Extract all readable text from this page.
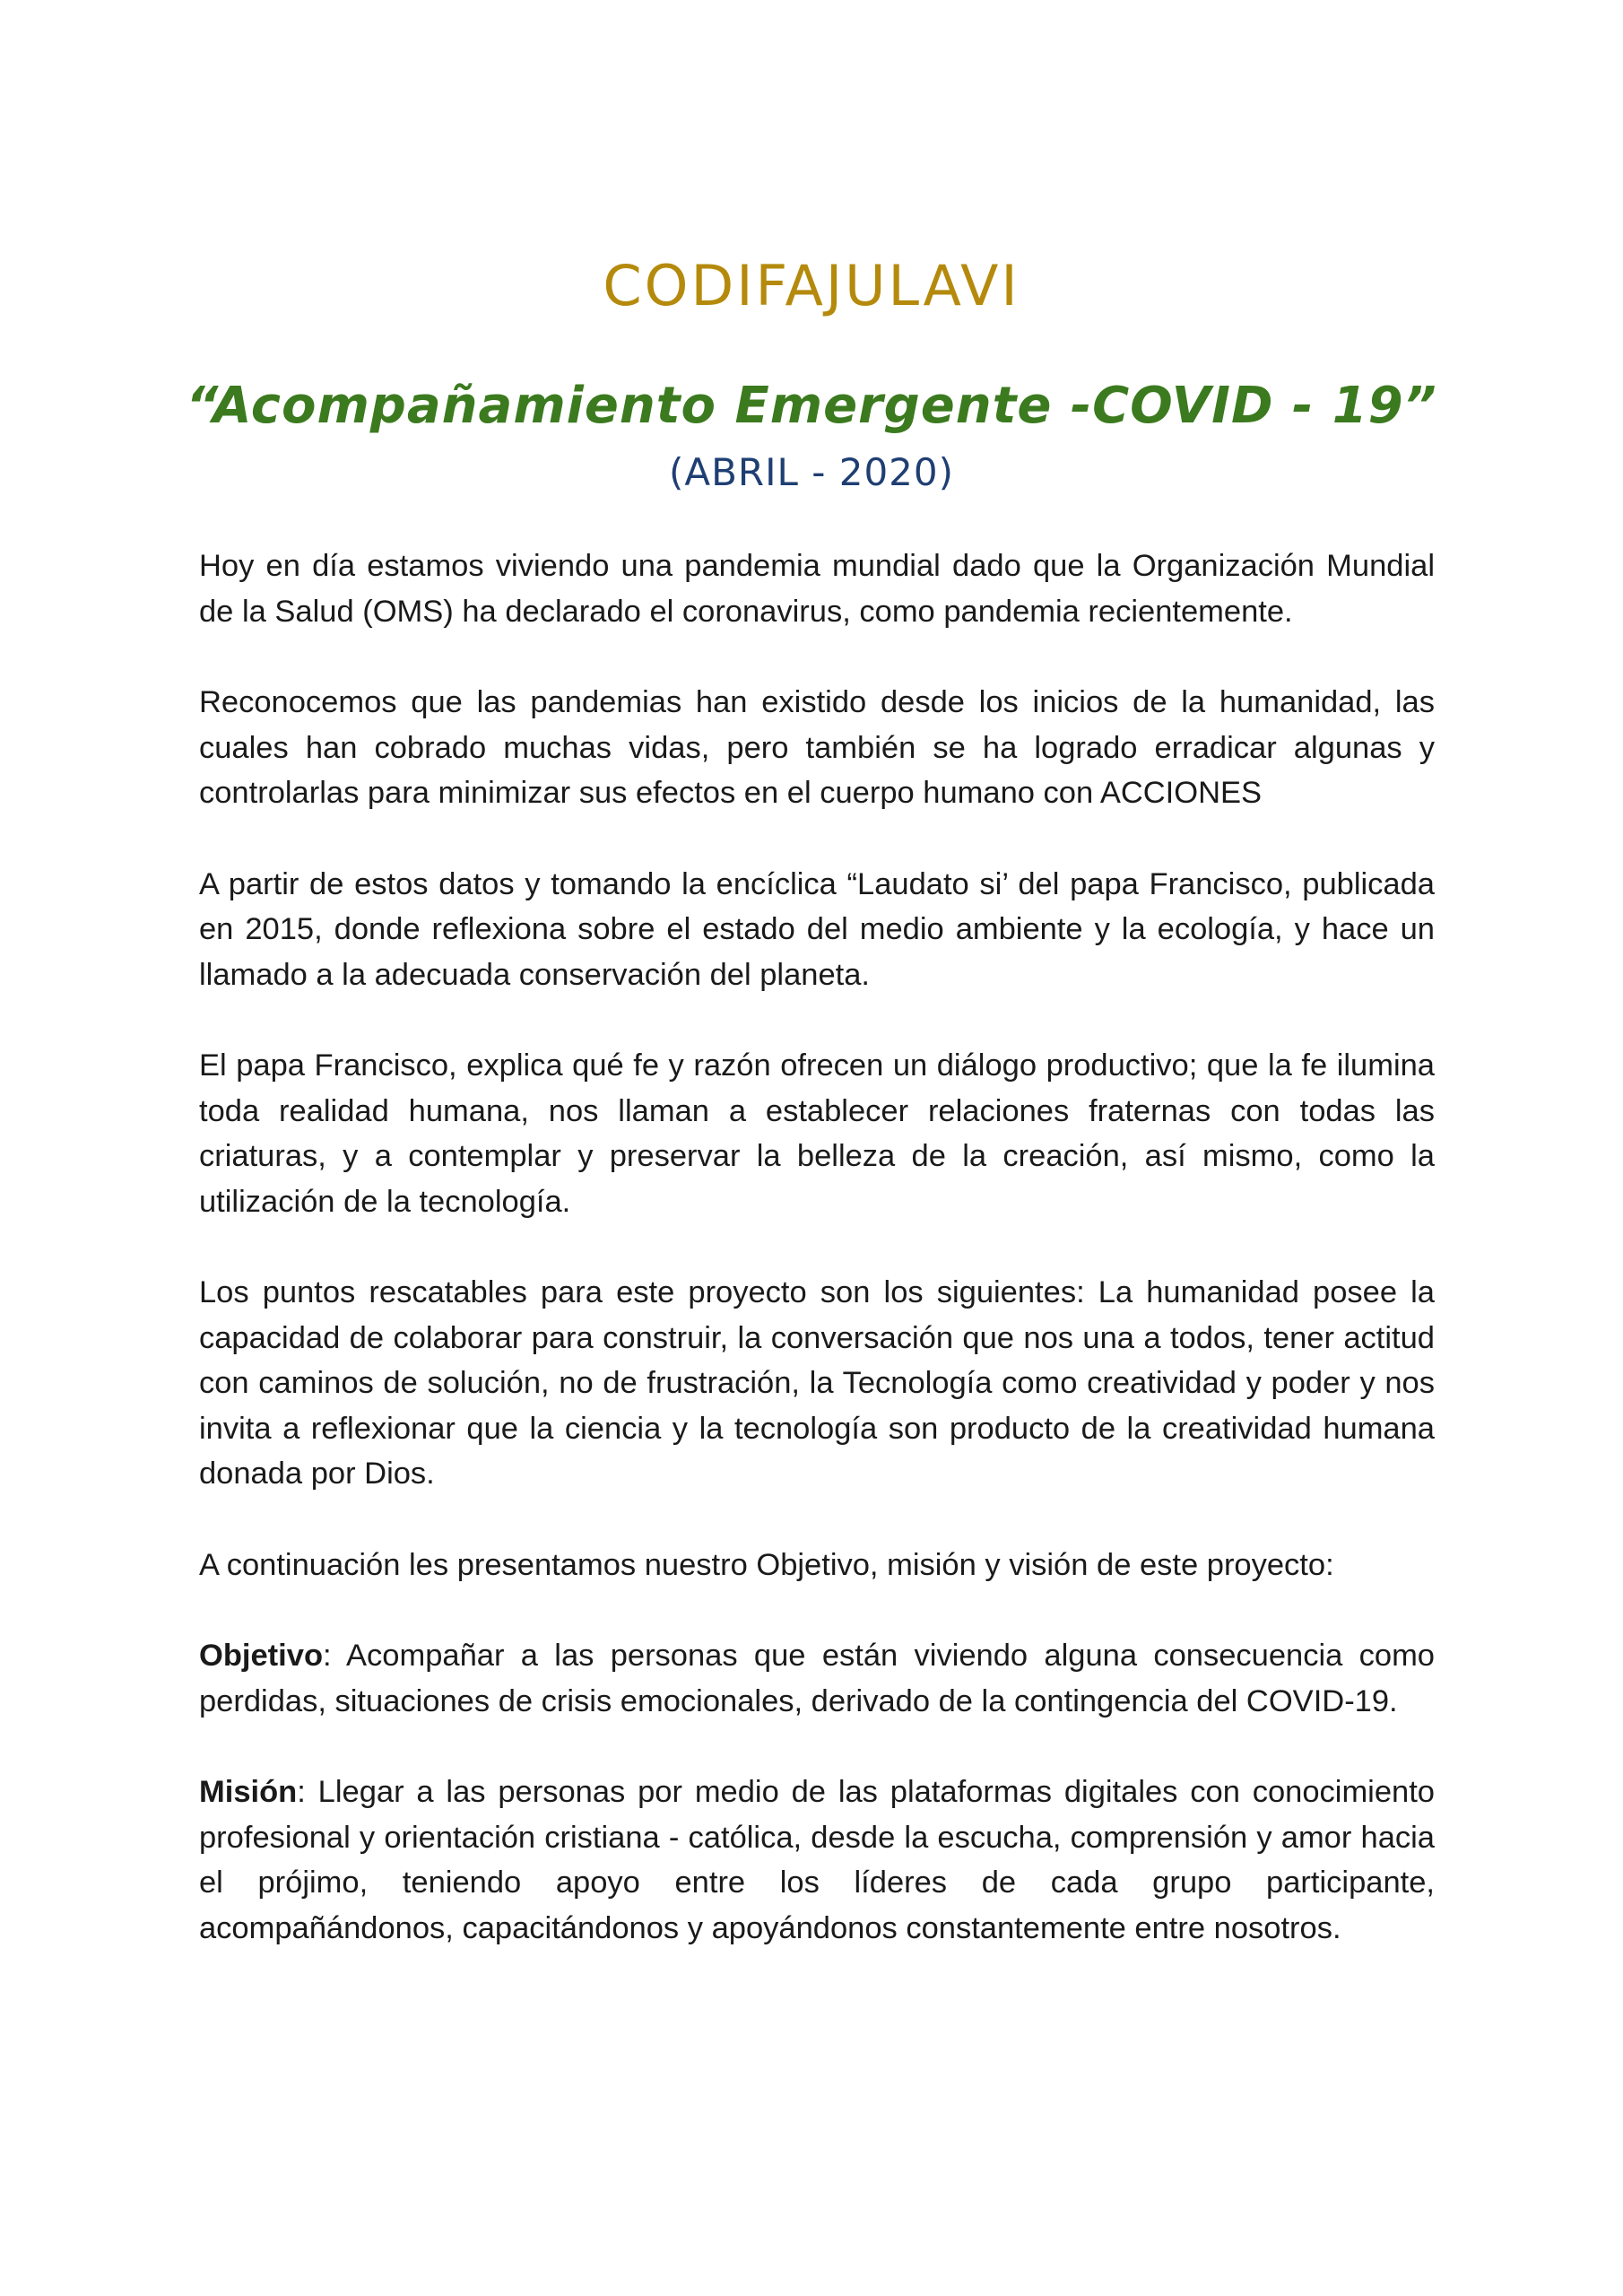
CODIFAJULAVI
“Acompañamiento Emergente -COVID - 19”
(ABRIL - 2020)

Hoy en día estamos viviendo una pandemia mundial dado que la Organización Mundial de la Salud (OMS) ha declarado el coronavirus, como pandemia recientemente.

Reconocemos que las pandemias han existido desde los inicios de la humanidad, las cuales han cobrado muchas vidas, pero también se ha logrado erradicar algunas y controlarlas para minimizar sus efectos en el cuerpo humano con ACCIONES

A partir de estos datos y tomando la encíclica “Laudato si’ del papa Francisco, publicada en 2015, donde reflexiona sobre el estado del medio ambiente y la ecología, y hace un llamado a la adecuada conservación del planeta.

El papa Francisco, explica qué fe y razón ofrecen un diálogo productivo; que la fe ilumina toda realidad humana, nos llaman a establecer relaciones fraternas con todas las criaturas, y a contemplar y preservar la belleza de la creación, así mismo, como la utilización de la tecnología.

Los puntos rescatables para este proyecto son los siguientes: La humanidad posee la capacidad de colaborar para construir, la conversación que nos una a todos, tener actitud con caminos de solución, no de frustración, la Tecnología como creatividad y poder y nos invita a reflexionar que la ciencia y la tecnología son producto de la creatividad humana donada por Dios.

A continuación les presentamos nuestro Objetivo, misión y visión de este proyecto:

Objetivo: Acompañar a las personas que están viviendo alguna consecuencia como perdidas, situaciones de crisis emocionales, derivado de la contingencia del COVID-19.

Misión: Llegar a las personas por medio de las plataformas digitales con conocimiento profesional y orientación cristiana - católica, desde la escucha, comprensión y amor hacia el prójimo, teniendo apoyo entre los líderes de cada grupo participante, acompañándonos, capacitándonos y apoyándonos constantemente entre nosotros.
